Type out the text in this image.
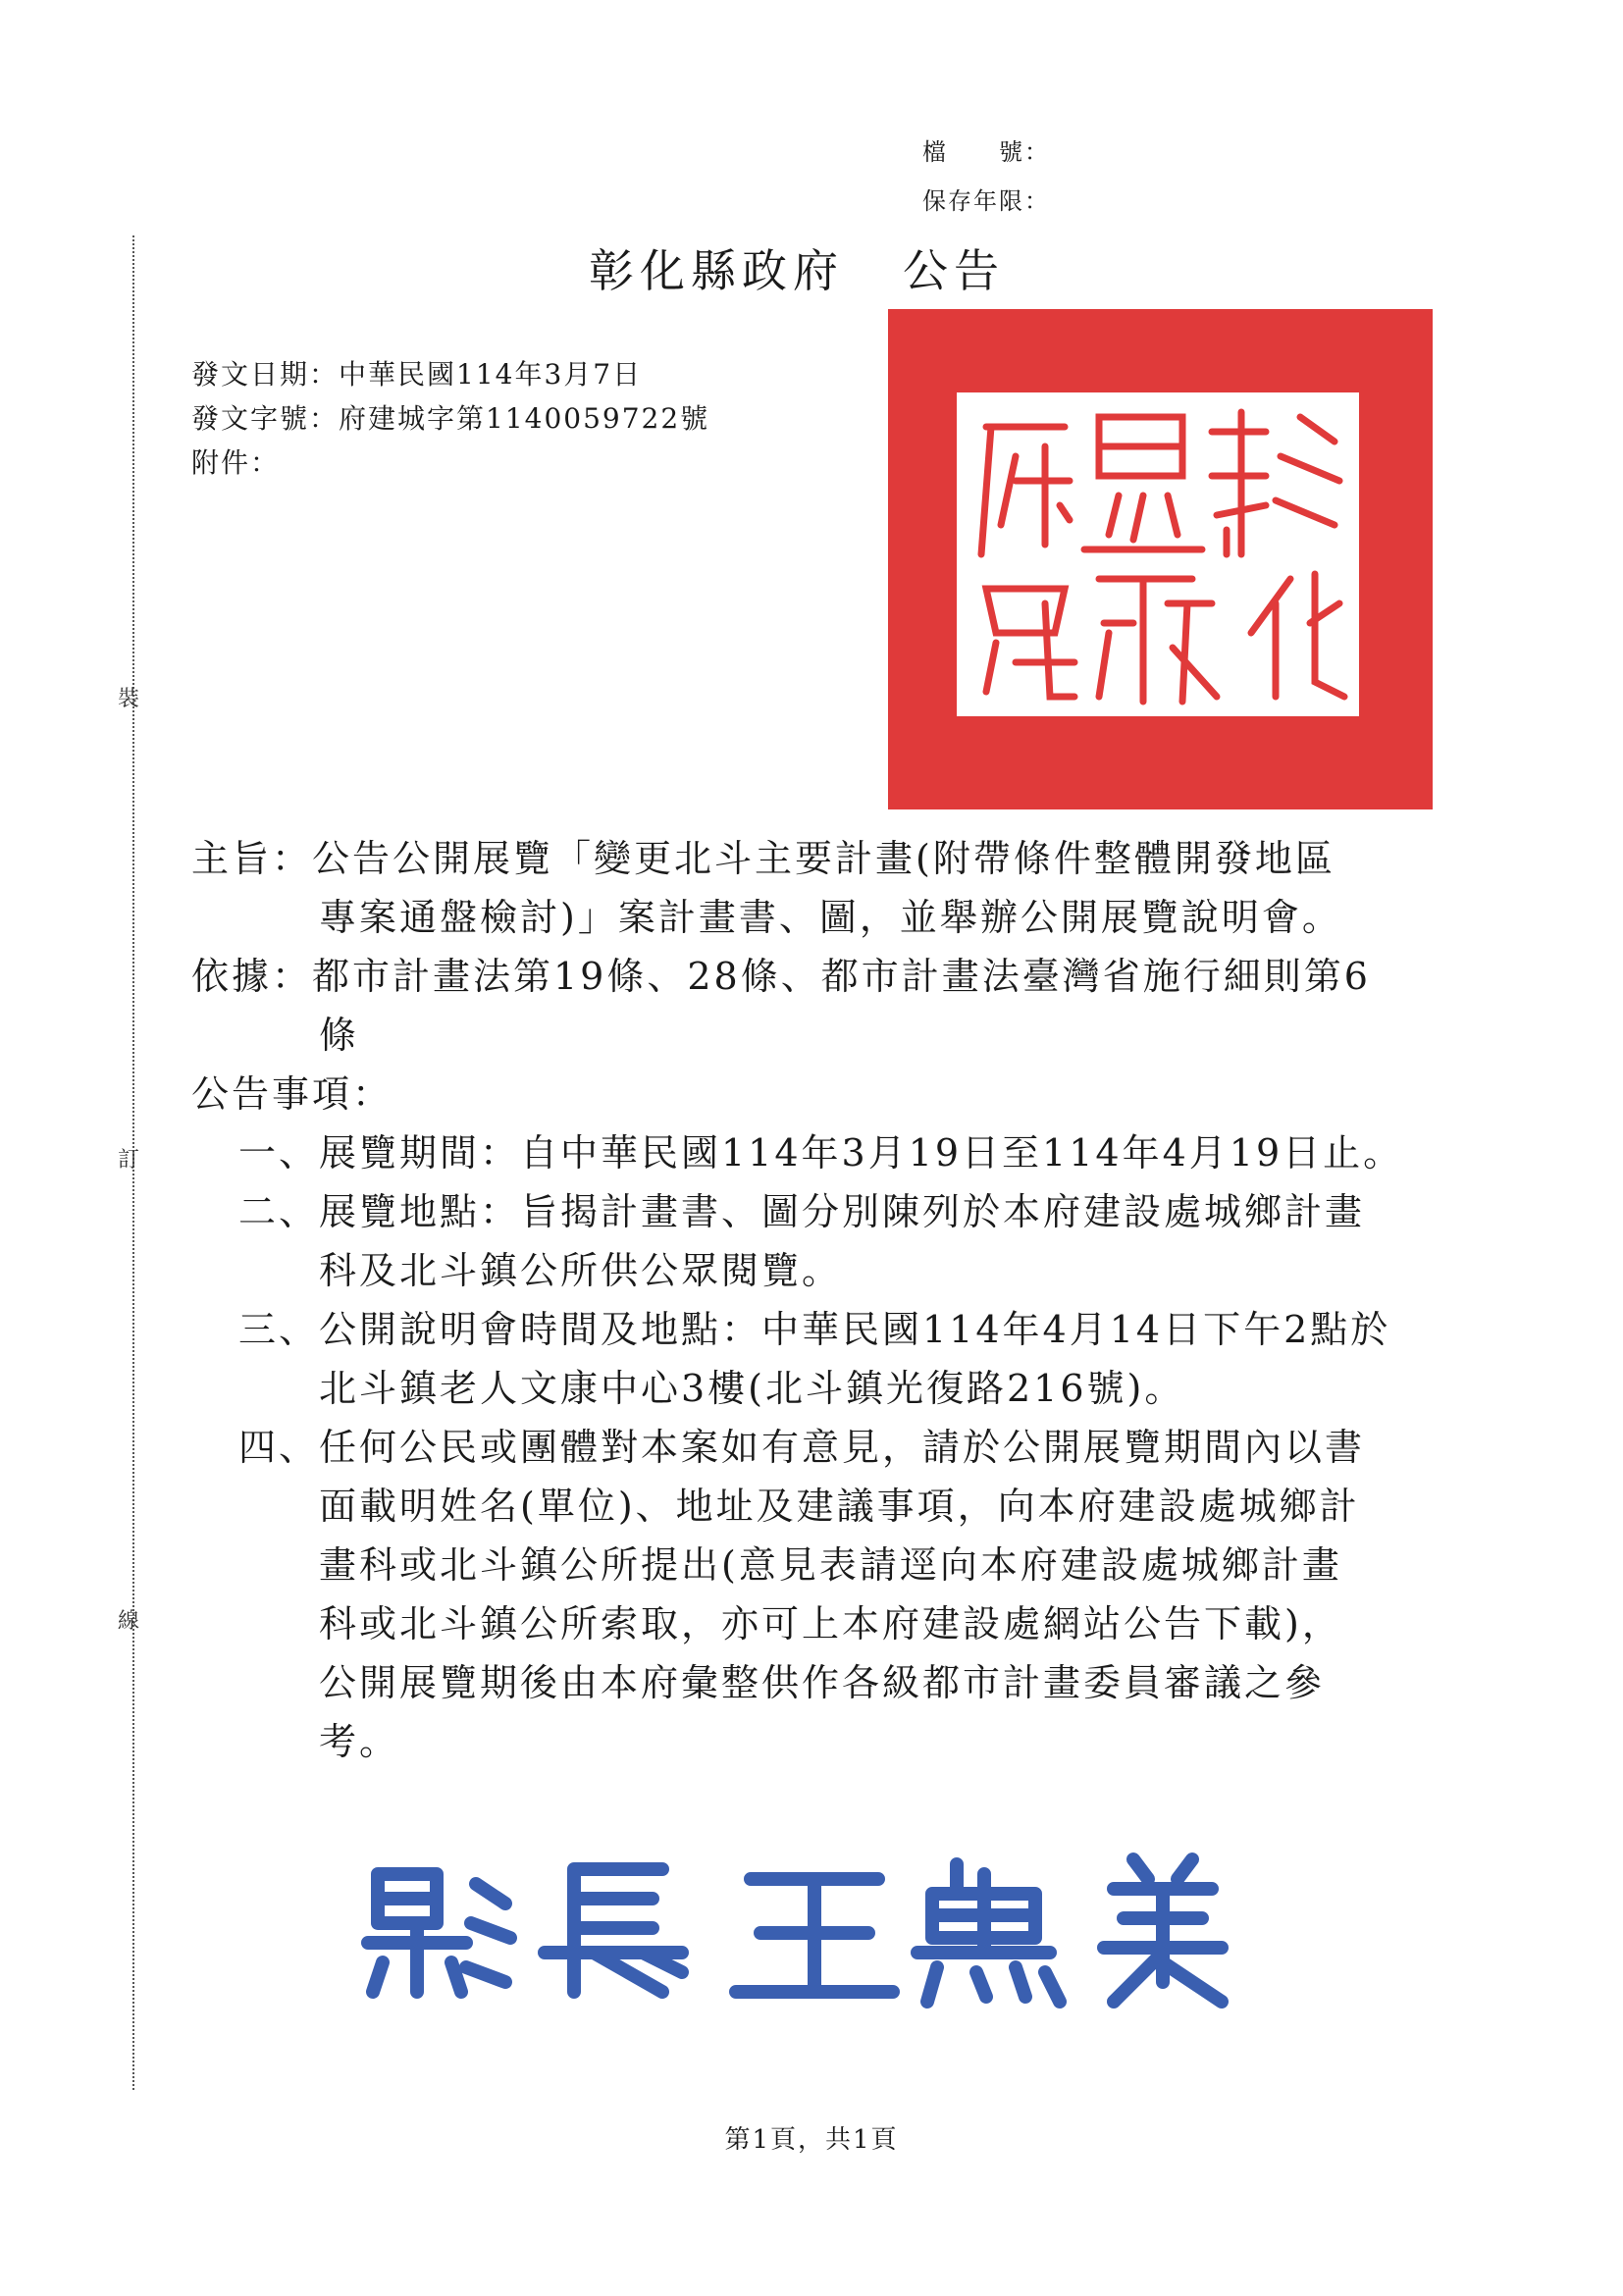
檔　　號：
保存年限：
裝
訂
線
彰化縣政府 公告
發文日期：中華民國114年3月7日
發文字號：府建城字第1140059722號
附件：
主旨：公告公開展覽「變更北斗主要計畫(附帶條件整體開發地區
專案通盤檢討)」案計畫書、圖，並舉辦公開展覽說明會。
依據：都市計畫法第19條、28條、都市計畫法臺灣省施行細則第6
條
公告事項：
一、展覽期間：自中華民國114年3月19日至114年4月19日止。
二、展覽地點：旨揭計畫書、圖分別陳列於本府建設處城鄉計畫
科及北斗鎮公所供公眾閱覽。
三、公開說明會時間及地點：中華民國114年4月14日下午2點於
北斗鎮老人文康中心3樓(北斗鎮光復路216號)。
四、任何公民或團體對本案如有意見，請於公開展覽期間內以書
面載明姓名(單位)、地址及建議事項，向本府建設處城鄉計
畫科或北斗鎮公所提出(意見表請逕向本府建設處城鄉計畫
科或北斗鎮公所索取，亦可上本府建設處網站公告下載)，
公開展覽期後由本府彙整供作各級都市計畫委員審議之參
考。
第1頁，共1頁
